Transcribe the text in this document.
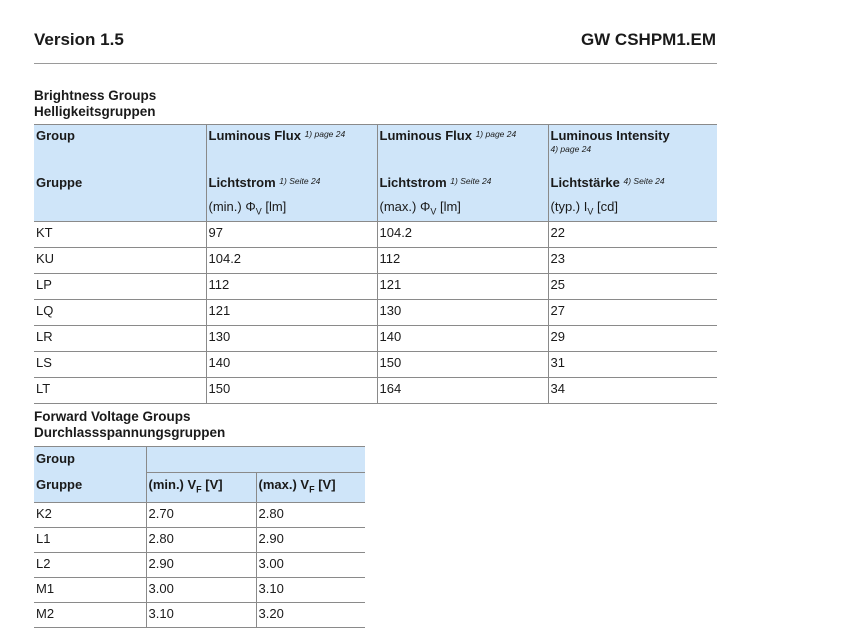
Version 1.5	GW CSHPM1.EM
Brightness Groups
Helligkeitsgruppen
Group	Luminous Flux $^{1) page 24}$	Luminous Flux $^{1) page 24}$	Luminous Intensity
4) page 24

Gruppe	Lichtstrom $^{1) Seite 24}$	Lichtstrom $^{1) Seite 24}$	Lichtstärke $^{4) Seite 24}$
	(min.) $\Phi_V$ [lm]	(max.) $\Phi_V$ [lm]	(typ.) $I_V$ [cd]
KT	97	104.2	22
KU	104.2	112	23
LP	112	121	25
LQ	121	130	27
LR	130	140	29
LS	140	150	31
LT	150	164	34
Forward Voltage Groups
Durchlassspannungsgruppen
Group		
Gruppe	(min.) $V_F$ [V]	(max.) $V_F$ [V]
K2	2.70	2.80
L1	2.80	2.90
L2	2.90	3.00
M1	3.00	3.10
M2	3.10	3.20
